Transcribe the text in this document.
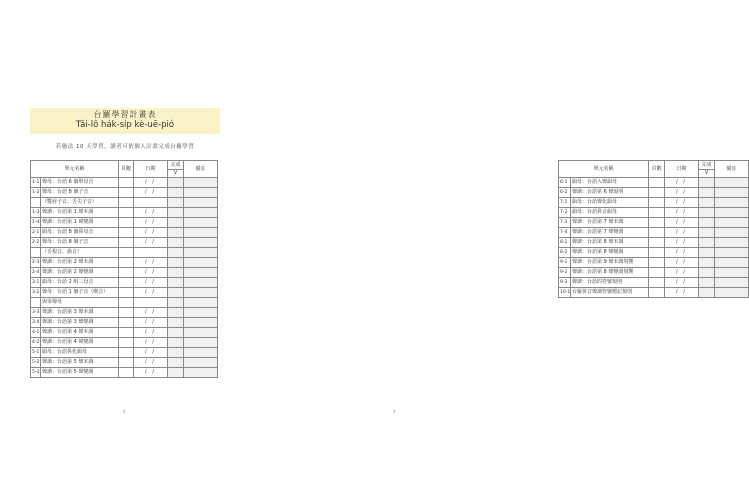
台羅學習計畫表
Tâi-lô hák-si̍p kè-uē-pió
若施法 10 天學習，讀者可依個人計畫完成台羅學習
單元名稱		頁數	日期	完成	備註
				V	
1-1	聲母：台語 6 個單母音		/ /		
1-2	聲母：台語 8 個子音		/ /		
	（雙唇子音、舌尖子音）				
1-3	聲調：台語第 1 聲本調		/ /		
1-4	聲調：台語第 1 聲變調		/ /		
2-1	韻母：台語 8 個鼻母音		/ /		
2-2	聲母：台語 8 個子音		/ /		
	（舌根音、齒音）				
2-3	聲調：台語第 2 聲本調		/ /		
2-4	聲調：台語第 2 聲變調		/ /		
3-1	韻母：台語 2 組三母音		/ /		
3-2	聲母：台語 1 個子音（喉音）		/ /		
	與零聲母				
3-3	聲調：台語第 3 聲本調		/ /		
3-4	聲調：台語第 3 聲變調		/ /		
4-1	聲調：台語第 4 聲本調		/ /		
4-2	聲調：台語第 4 聲變調		/ /		
5-1	韻母：台語鼻化韻母		/ /		
5-2	聲調：台語第 5 聲本調		/ /		
5-3	聲調：台語第 5 聲變調		/ /		
8
單元名稱		頁數	日期	完成	備註
				V	
6-1	韻母：台語入聲韻母		/ /		
6-2	聲調：台語第 6 聲說明		/ /		
7-1	韻母：台語聲化韻母		/ /		
7-2	韻母：台語鼻音韻母		/ /		
7-3	聲調：台語第 7 聲本調		/ /		
7-4	聲調：台語第 7 聲變調		/ /		
8-1	聲調：台語第 8 聲本調		/ /		
8-2	聲調：台語第 8 聲變調		/ /		
9-1	聲調：台語第 9 聲本調規響		/ /		
9-2	聲調：台語第 8 聲變調規響		/ /		
9-3	聲調：台語的符號規則		/ /		
10-1	台羅拼音聲調符號標記規則		/ /		
9
